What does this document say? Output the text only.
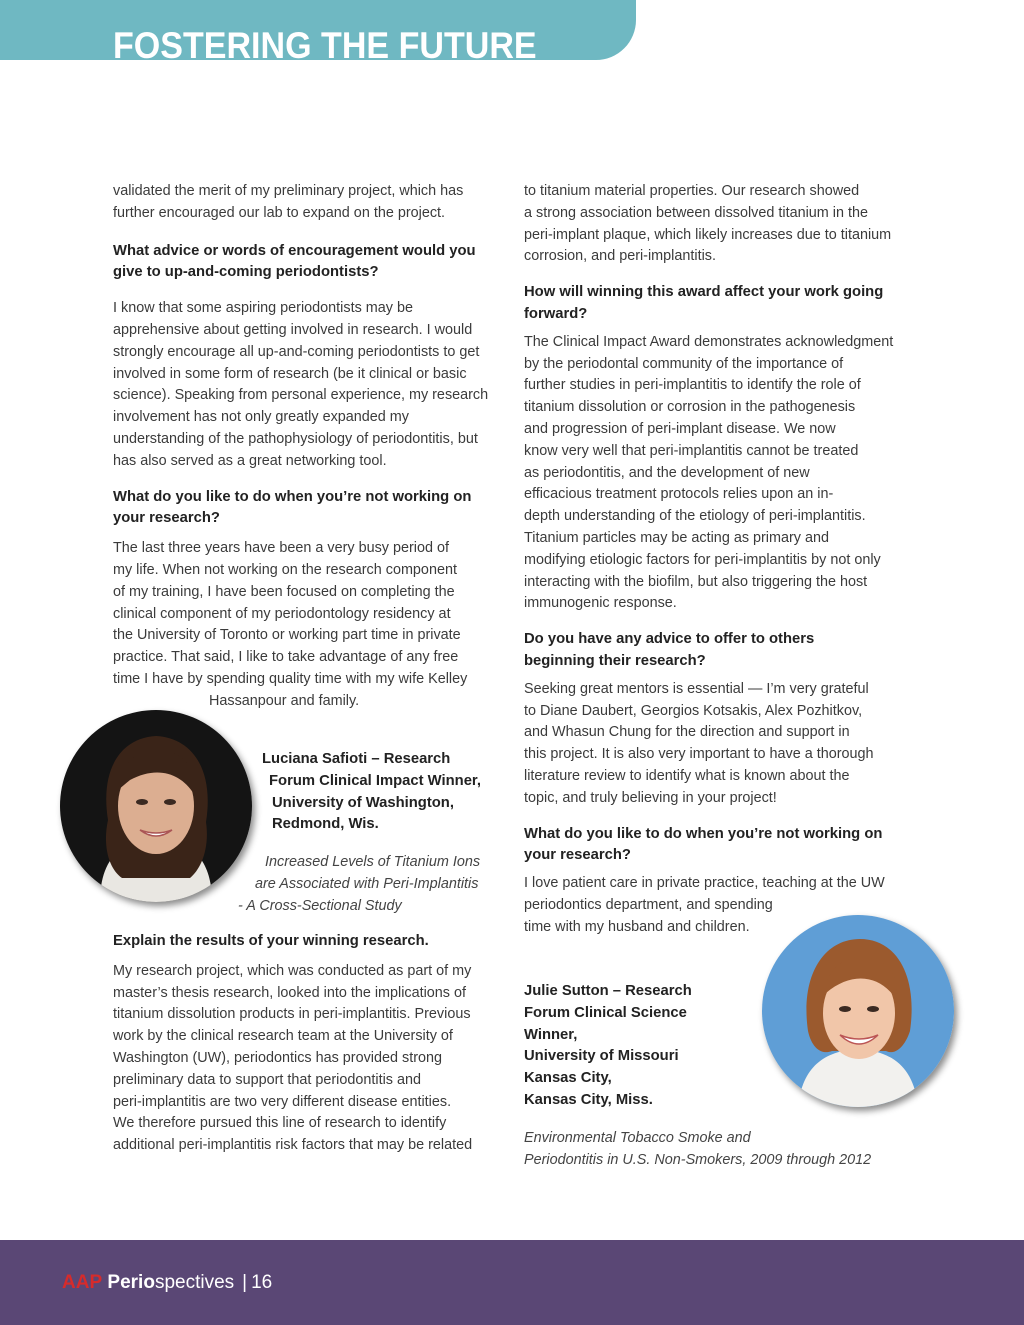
FOSTERING THE FUTURE

validated the merit of my preliminary project, which has
further encouraged our lab to expand on the project.

What advice or words of encouragement would you give to up-and-coming periodontists?

I know that some aspiring periodontists may be apprehensive about getting involved in research. I would strongly encourage all up-and-coming periodontists to get involved in some form of research (be it clinical or basic science). Speaking from personal experience, my research involvement has not only greatly expanded my understanding of the pathophysiology of periodontitis, but has also served as a great networking tool.

What do you like to do when you’re not working on your research?

The last three years have been a very busy period of
my life. When not working on the research component
of my training, I have been focused on completing the
clinical component of my periodontology residency at
the University of Toronto or working part time in private
practice. That said, I like to take advantage of any free
time I have by spending quality time with my wife Kelley
Hassanpour and family.

Luciana Safioti – Research
Forum Clinical Impact Winner,
University of Washington,
Redmond, Wis.
Increased Levels of Titanium Ions
are Associated with Peri-Implantitis
- A Cross-Sectional Study

Explain the results of your winning research.

My research project, which was conducted as part of my
master’s thesis research, looked into the implications of
titanium dissolution products in peri-implantitis. Previous
work by the clinical research team at the University of
Washington (UW), periodontics has provided strong
preliminary data to support that periodontitis and
peri-implantitis are two very different disease entities.
We therefore pursued this line of research to identify
additional peri-implantitis risk factors that may be related

to titanium material properties. Our research showed
a strong association between dissolved titanium in the
peri-implant plaque, which likely increases due to titanium
corrosion, and peri-implantitis.

How will winning this award affect your work going forward?

The Clinical Impact Award demonstrates acknowledgment
by the periodontal community of the importance of
further studies in peri-implantitis to identify the role of
titanium dissolution or corrosion in the pathogenesis
and progression of peri-implant disease. We now
know very well that peri-implantitis cannot be treated
as periodontitis, and the development of new
efficacious treatment protocols relies upon an in-
depth understanding of the etiology of peri-implantitis.
Titanium particles may be acting as primary and
modifying etiologic factors for peri-implantitis by not only
interacting with the biofilm, but also triggering the host
immunogenic response.

Do you have any advice to offer to others beginning their research?

Seeking great mentors is essential — I’m very grateful
to Diane Daubert, Georgios Kotsakis, Alex Pozhitkov,
and Whasun Chung for the direction and support in
this project. It is also very important to have a thorough
literature review to identify what is known about the
topic, and truly believing in your project!

What do you like to do when you’re not working on your research?

I love patient care in private practice, teaching at the UW
periodontics department, and spending
time with my husband and children.

Julie Sutton – Research
Forum Clinical Science
Winner,
University of Missouri
Kansas City,
Kansas City, Miss.
Environmental Tobacco Smoke and
Periodontitis in U.S. Non-Smokers, 2009 through 2012
AAP Periospectives | 16
